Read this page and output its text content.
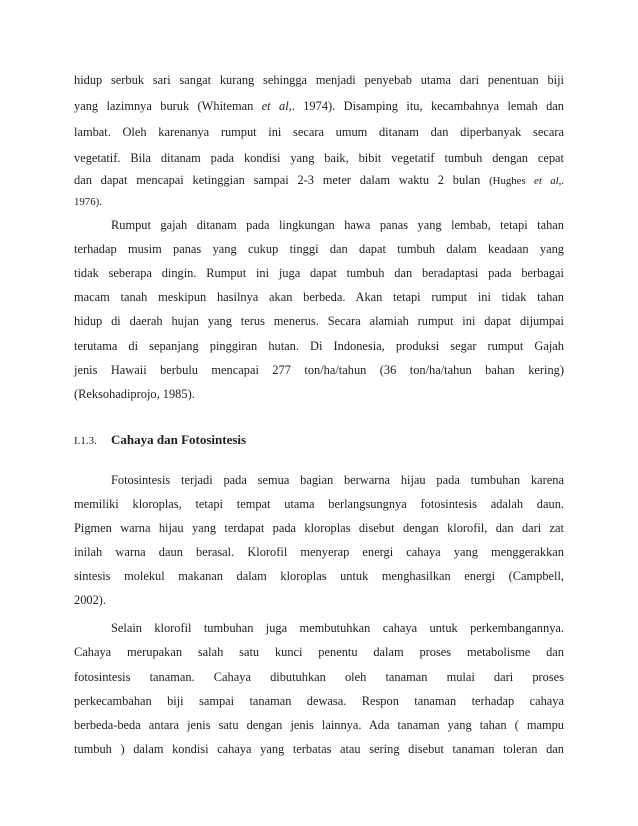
hidup serbuk sari sangat kurang sehingga menjadi penyebab utama dari penentuan biji
yang lazimnya buruk (Whiteman et al,. 1974). Disamping itu, kecambahnya lemah dan
lambat. Oleh karenanya rumput ini secara umum ditanam dan diperbanyak secara
vegetatif. Bila ditanam pada kondisi yang baik, bibit vegetatif tumbuh dengan cepat
dan dapat mencapai ketinggian sampai 2-3 meter dalam waktu 2 bulan (Hughes et al,.
1976).
Rumput gajah ditanam pada lingkungan hawa panas yang lembab, tetapi tahan
terhadap musim panas yang cukup tinggi dan dapat tumbuh dalam keadaan yang
tidak seberapa dingin. Rumput ini juga dapat tumbuh dan beradaptasi pada berbagai
macam tanah meskipun hasilnya akan berbeda. Akan tetapi rumput ini tidak tahan
hidup di daerah hujan yang terus menerus. Secara alamiah rumput ini dapat dijumpai
terutama di sepanjang pinggiran hutan. Di Indonesia, produksi segar rumput Gajah
jenis Hawaii berbulu mencapai 277 ton/ha/tahun (36 ton/ha/tahun bahan kering)
(Reksohadiprojo, 1985).
I.1.3. Cahaya dan Fotosintesis
Fotosintesis terjadi pada semua bagian berwarna hijau pada tumbuhan karena
memiliki kloroplas, tetapi tempat utama berlangsungnya fotosintesis adalah daun.
Pigmen warna hijau yang terdapat pada kloroplas disebut dengan klorofil, dan dari zat
inilah warna daun berasal. Klorofil menyerap energi cahaya yang menggerakkan
sintesis molekul makanan dalam kloroplas untuk menghasilkan energi (Campbell,
2002).
Selain klorofil tumbuhan juga membutuhkan cahaya untuk perkembangannya.
Cahaya merupakan salah satu kunci penentu dalam proses metabolisme dan
fotosintesis tanaman. Cahaya dibutuhkan oleh tanaman mulai dari proses
perkecambahan biji sampai tanaman dewasa. Respon tanaman terhadap cahaya
berbeda-beda antara jenis satu dengan jenis lainnya. Ada tanaman yang tahan ( mampu
tumbuh ) dalam kondisi cahaya yang terbatas atau sering disebut tanaman toleran dan
